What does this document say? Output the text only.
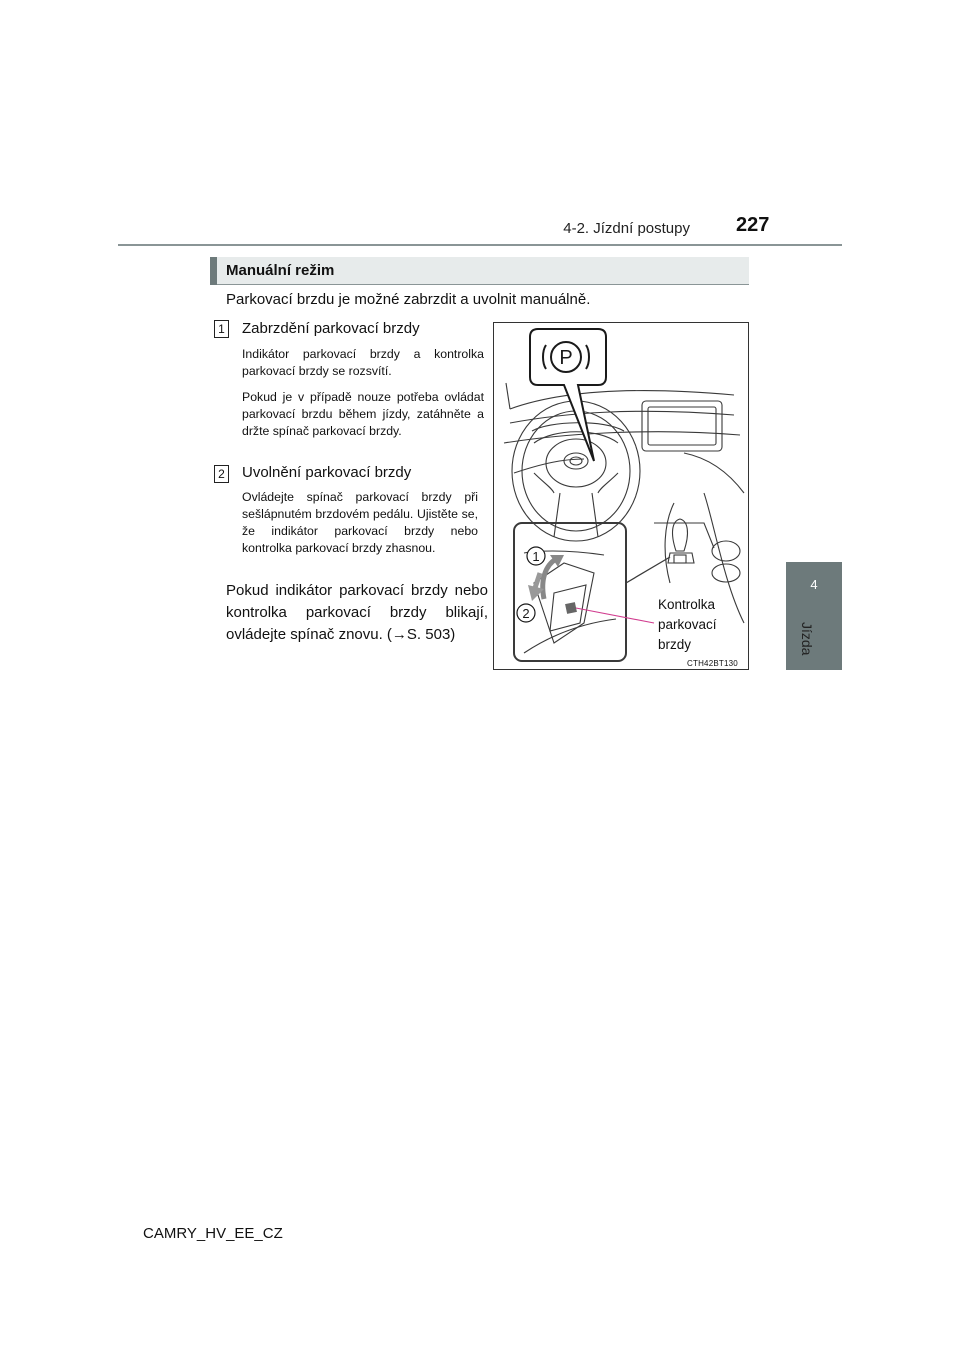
4-2. Jízdní postupy 227
4
Jízda
Manuální režim
Parkovací brzdu je možné zabrzdit a uvolnit manuálně.
1 Zabrzdění parkovací brzdy
Indikátor parkovací brzdy a kontrolka parkovací brzdy se rozsvítí.
Pokud je v případě nouze potřeba ovládat parkovací brzdu během jízdy, zatáhněte a držte spínač parkovací brzdy.
2 Uvolnění parkovací brzdy
Ovládejte spínač parkovací brzdy při sešlápnutém brzdovém pedálu. Ujistěte se, že indikátor parkovací brzdy nebo kontrolka parkovací brzdy zhasnou.
Pokud indikátor parkovací brzdy nebo kontrolka parkovací brzdy blikají, ovládejte spínač znovu. (→S. 503)
P
1
2
Kontrolka
parkovací
brzdy
CTH42BT130
CAMRY_HV_EE_CZ
